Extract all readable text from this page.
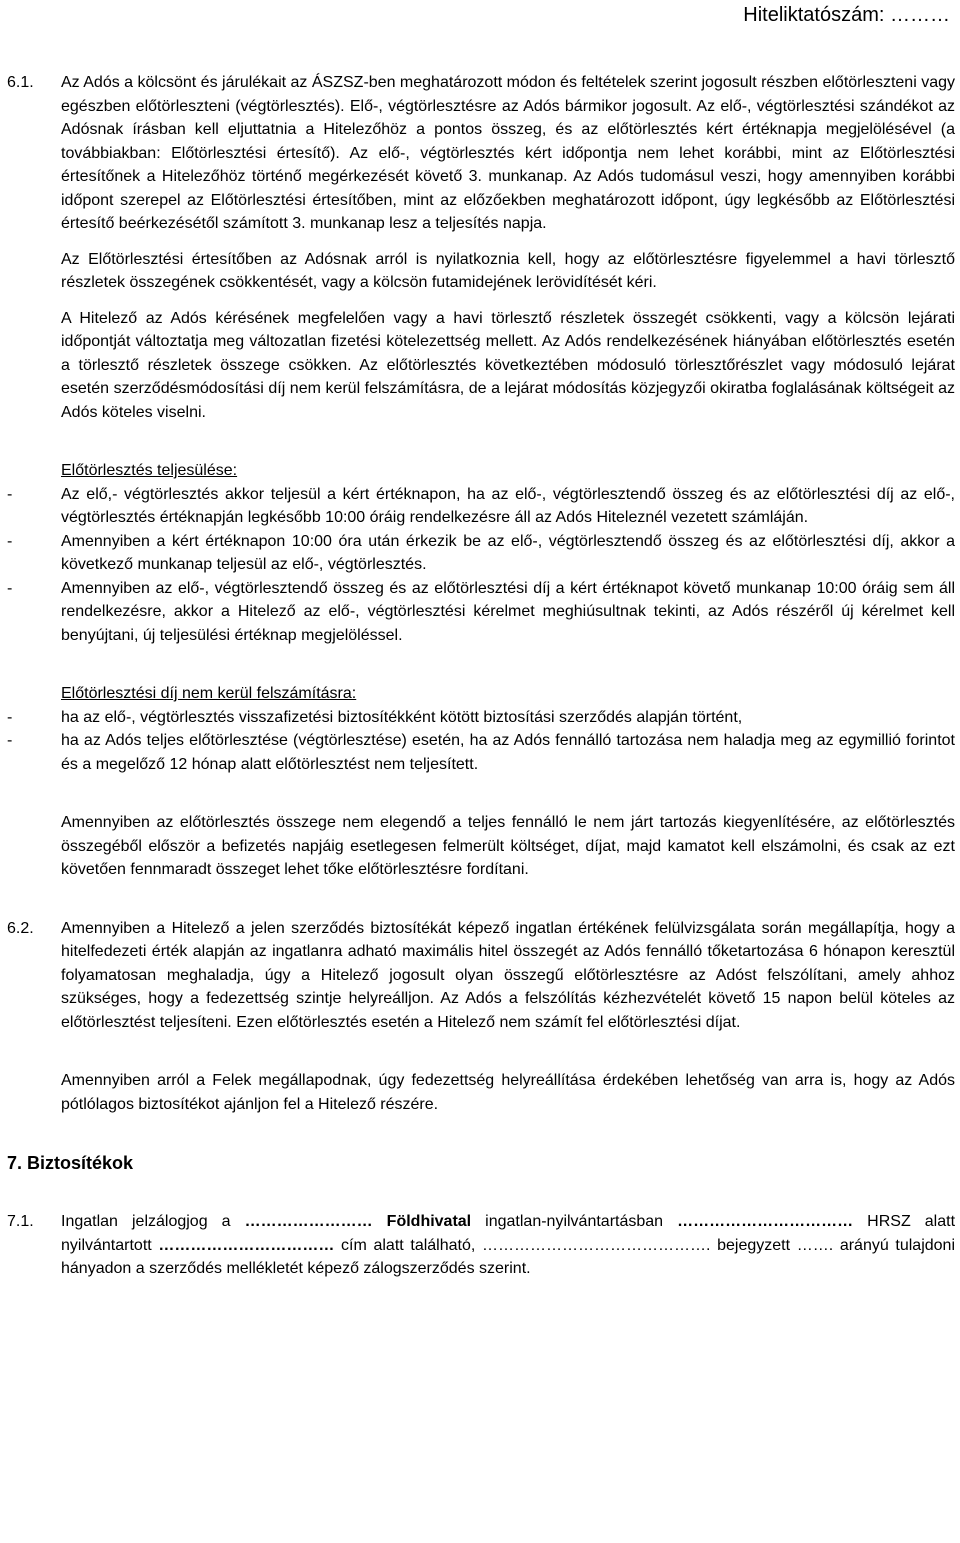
Hiteliktatószám: ………
6.1. Az Adós a kölcsönt és járulékait az ÁSZSZ-ben meghatározott módon és feltételek szerint jogosult részben előtörleszteni vagy egészben előtörleszteni (végtörlesztés). Elő-, végtörlesztésre az Adós bármikor jogosult. Az elő-, végtörlesztési szándékot az Adósnak írásban kell eljuttatnia a Hitelezőhöz a pontos összeg, és az előtörlesztés kért értéknapja megjelölésével (a továbbiakban: Előtörlesztési értesítő). Az elő-, végtörlesztés kért időpontja nem lehet korábbi, mint az Előtörlesztési értesítőnek a Hitelezőhöz történő megérkezését követő 3. munkanap. Az Adós tudomásul veszi, hogy amennyiben korábbi időpont szerepel az Előtörlesztési értesítőben, mint az előzőekben meghatározott időpont, úgy legkésőbb az Előtörlesztési értesítő beérkezésétől számított 3. munkanap lesz a teljesítés napja.

Az Előtörlesztési értesítőben az Adósnak arról is nyilatkoznia kell, hogy az előtörlesztésre figyelemmel a havi törlesztő részletek összegének csökkentését, vagy a kölcsön futamidejének lerövidítését kéri.

A Hitelező az Adós kérésének megfelelően vagy a havi törlesztő részletek összegét csökkenti, vagy a kölcsön lejárati időpontját változtatja meg változatlan fizetési kötelezettség mellett. Az Adós rendelkezésének hiányában előtörlesztés esetén a törlesztő részletek összege csökken. Az előtörlesztés következtében módosuló törlesztőrészlet vagy módosuló lejárat esetén szerződésmódosítási díj nem kerül felszámításra, de a lejárat módosítás közjegyzői okiratba foglalásának költségeit az Adós köteles viselni.

Előtörlesztés teljesülése:

-	Az elő,- végtörlesztés akkor teljesül a kért értéknapon, ha az elő-, végtörlesztendő összeg és az előtörlesztési díj az elő-, végtörlesztés értéknapján legkésőbb 10:00 óráig rendelkezésre áll az Adós Hiteleznél vezetett számláján.
-	Amennyiben a kért értéknapon 10:00 óra után érkezik be az elő-, végtörlesztendő összeg és az előtörlesztési díj, akkor a következő munkanap teljesül az elő-, végtörlesztés.
-	Amennyiben az elő-, végtörlesztendő összeg és az előtörlesztési díj a kért értéknapot követő munkanap 10:00 óráig sem áll rendelkezésre, akkor a Hitelező az elő-, végtörlesztési kérelmet meghiúsultnak tekinti, az Adós részéről új kérelmet kell benyújtani, új teljesülési értéknap megjelöléssel.

Előtörlesztési díj nem kerül felszámításra:

-	ha az elő-, végtörlesztés visszafizetési biztosítékként kötött biztosítási szerződés alapján történt,
-	ha az Adós teljes előtörlesztése (végtörlesztése) esetén, ha az Adós fennálló tartozása nem haladja meg az egymillió forintot és a megelőző 12 hónap alatt előtörlesztést nem teljesített.

Amennyiben az előtörlesztés összege nem elegendő a teljes fennálló le nem járt tartozás kiegyenlítésére, az előtörlesztés összegéből először a befizetés napjáig esetlegesen felmerült költséget, díjat, majd kamatot kell elszámolni, és csak az ezt követően fennmaradt összeget lehet tőke előtörlesztésre fordítani.

6.2. Amennyiben a Hitelező a jelen szerződés biztosítékát képező ingatlan értékének felülvizsgálata során megállapítja, hogy a hitelfedezeti érték alapján az ingatlanra adható maximális hitel összegét az Adós fennálló tőketartozása 6 hónapon keresztül folyamatosan meghaladja, úgy a Hitelező jogosult olyan összegű előtörlesztésre az Adóst felszólítani, amely ahhoz szükséges, hogy a fedezettség szintje helyreálljon. Az Adós a felszólítás kézhezvételét követő 15 napon belül köteles az előtörlesztést teljesíteni. Ezen előtörlesztés esetén a Hitelező nem számít fel előtörlesztési díjat.

Amennyiben arról a Felek megállapodnak, úgy fedezettség helyreállítása érdekében lehetőség van arra is, hogy az Adós pótlólagos biztosítékot ajánljon fel a Hitelező részére.

7. Biztosítékok

7.1. Ingatlan jelzálogjog a …………………… Földhivatal ingatlan-nyilvántartásban …………………………… HRSZ alatt nyilvántartott …………………………… cím alatt található, ……………………………………. bejegyzett ……. arányú tulajdoni hányadon a szerződés mellékletét képező zálogszerződés szerint.
